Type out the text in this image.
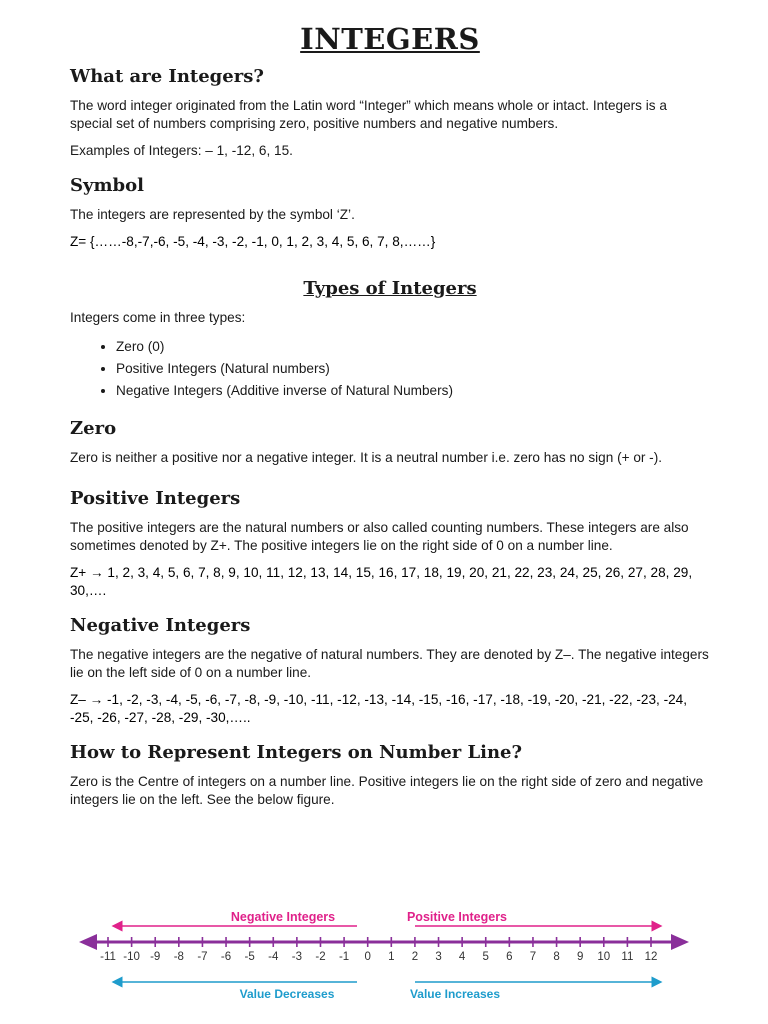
INTEGERS
What are Integers?

The word integer originated from the Latin word “Integer” which means whole or intact. Integers is a special set of numbers comprising zero, positive numbers and negative numbers.

Examples of Integers: – 1, -12, 6, 15.

Symbol

The integers are represented by the symbol ‘Z’.

Z= {……-8,-7,-6, -5, -4, -3, -2, -1, 0, 1, 2, 3, 4, 5, 6, 7, 8,……}

Types of Integers

Integers come in three types:

• Zero (0)
• Positive Integers (Natural numbers)
• Negative Integers (Additive inverse of Natural Numbers)
Zero

Zero is neither a positive nor a negative integer. It is a neutral number i.e. zero has no sign (+ or -).

Positive Integers

The positive integers are the natural numbers or also called counting numbers. These integers are also sometimes denoted by Z+. The positive integers lie on the right side of 0 on a number line.

Z+ → 1, 2, 3, 4, 5, 6, 7, 8, 9, 10, 11, 12, 13, 14, 15, 16, 17, 18, 19, 20, 21, 22, 23, 24, 25, 26, 27, 28, 29, 30,….

Negative Integers

The negative integers are the negative of natural numbers. They are denoted by Z–. The negative integers lie on the left side of 0 on a number line.

Z– → -1, -2, -3, -4, -5, -6, -7, -8, -9, -10, -11, -12, -13, -14, -15, -16, -17, -18, -19, -20, -21, -22, -23, -24, -25, -26, -27, -28, -29, -30,…..

How to Represent Integers on Number Line?

Zero is the Centre of integers on a number line. Positive integers lie on the right side of zero and negative integers lie on the left. See the below figure.

Negative Integers	Positive Integers
-11 -10 -9 -8 -7 -6 -5 -4 -3 -2 -1 0 1 2 3 4 5 6 7 8 9 10 11 12
Value Decreases	Value Increases
